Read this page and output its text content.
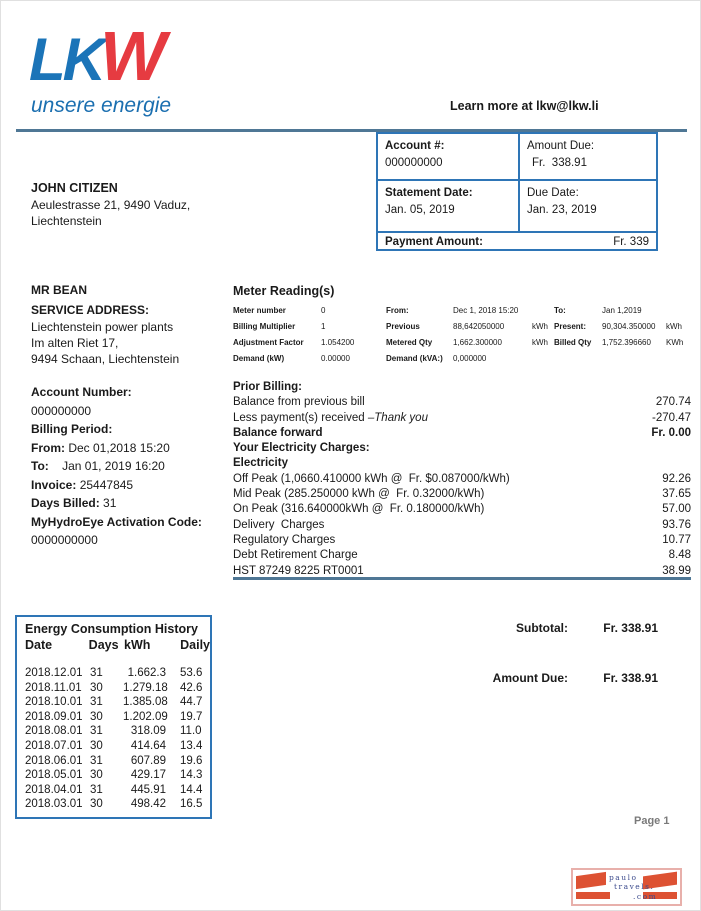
LKW
unsere energie	Learn more at lkw@lkw.li
Account #:
000000000
Amount Due:
Fr.  338.91
Statement Date:
Jan. 05, 2019
Due Date:
Jan. 23, 2019
Payment Amount:	Fr. 339
JOHN CITIZEN
Aeulestrasse 21, 9490 Vaduz,
Liechtenstein
MR BEAN
SERVICE ADDRESS:
Liechtenstein power plants
Im alten Riet 17,
9494 Schaan, Liechtenstein
Meter Reading(s)
Meter number	0	From:	Dec 1, 2018 15:20	To:	Jan 1,2019
Billing Multiplier	1	Previous	88,642050000	kWh Present:	90,304.350000	kWh
Adjustment Factor	1.054200	Metered Qty	1,662.300000	kWh Billed Qty	1,752.396660	KWh
Demand (kW)	0.00000	Demand (kVA:)	0,000000
Account Number:
000000000
Billing Period:
From: Dec 01,2018 15:20
To:    Jan 01, 2019 16:20
Invoice: 25447845
Days Billed: 31
MyHydroEye Activation Code:
0000000000
Prior Billing:
Balance from previous bill	270.74
Less payment(s) received –Thank you	-270.47
Balance forward	Fr. 0.00
Your Electricity Charges:
Electricity
Off Peak (1,0660.410000 kWh @  Fr. $0.087000/kWh)	92.26
Mid Peak (285.250000 kWh @  Fr. 0.32000/kWh)	37.65
On Peak (316.640000kWh @  Fr. 0.180000/kWh)	57.00
Delivery  Charges	93.76
Regulatory Charges	10.77
Debt Retirement Charge	8.48
HST 87249 8225 RT0001	38.99
Subtotal:	Fr. 338.91
Amount Due:	Fr. 338.91
Energy Consumption History
Date	Days kWh	Daily
2018.12.01 31	1.662.3 53.6
2018.11.01 30	1.279.18 42.6
2018.10.01 31	1.385.08 44.7
2018.09.01 30	1.202.09 19.7
2018.08.01 31	318.09 11.0
2018.07.01 30	414.64 13.4
2018.06.01 31	607.89 19.6
2018.05.01 30	429.17 14.3
2018.04.01 31	445.91 14.4
2018.03.01 30	498.42 16.5
Page 1
paulo
travels.
.com
